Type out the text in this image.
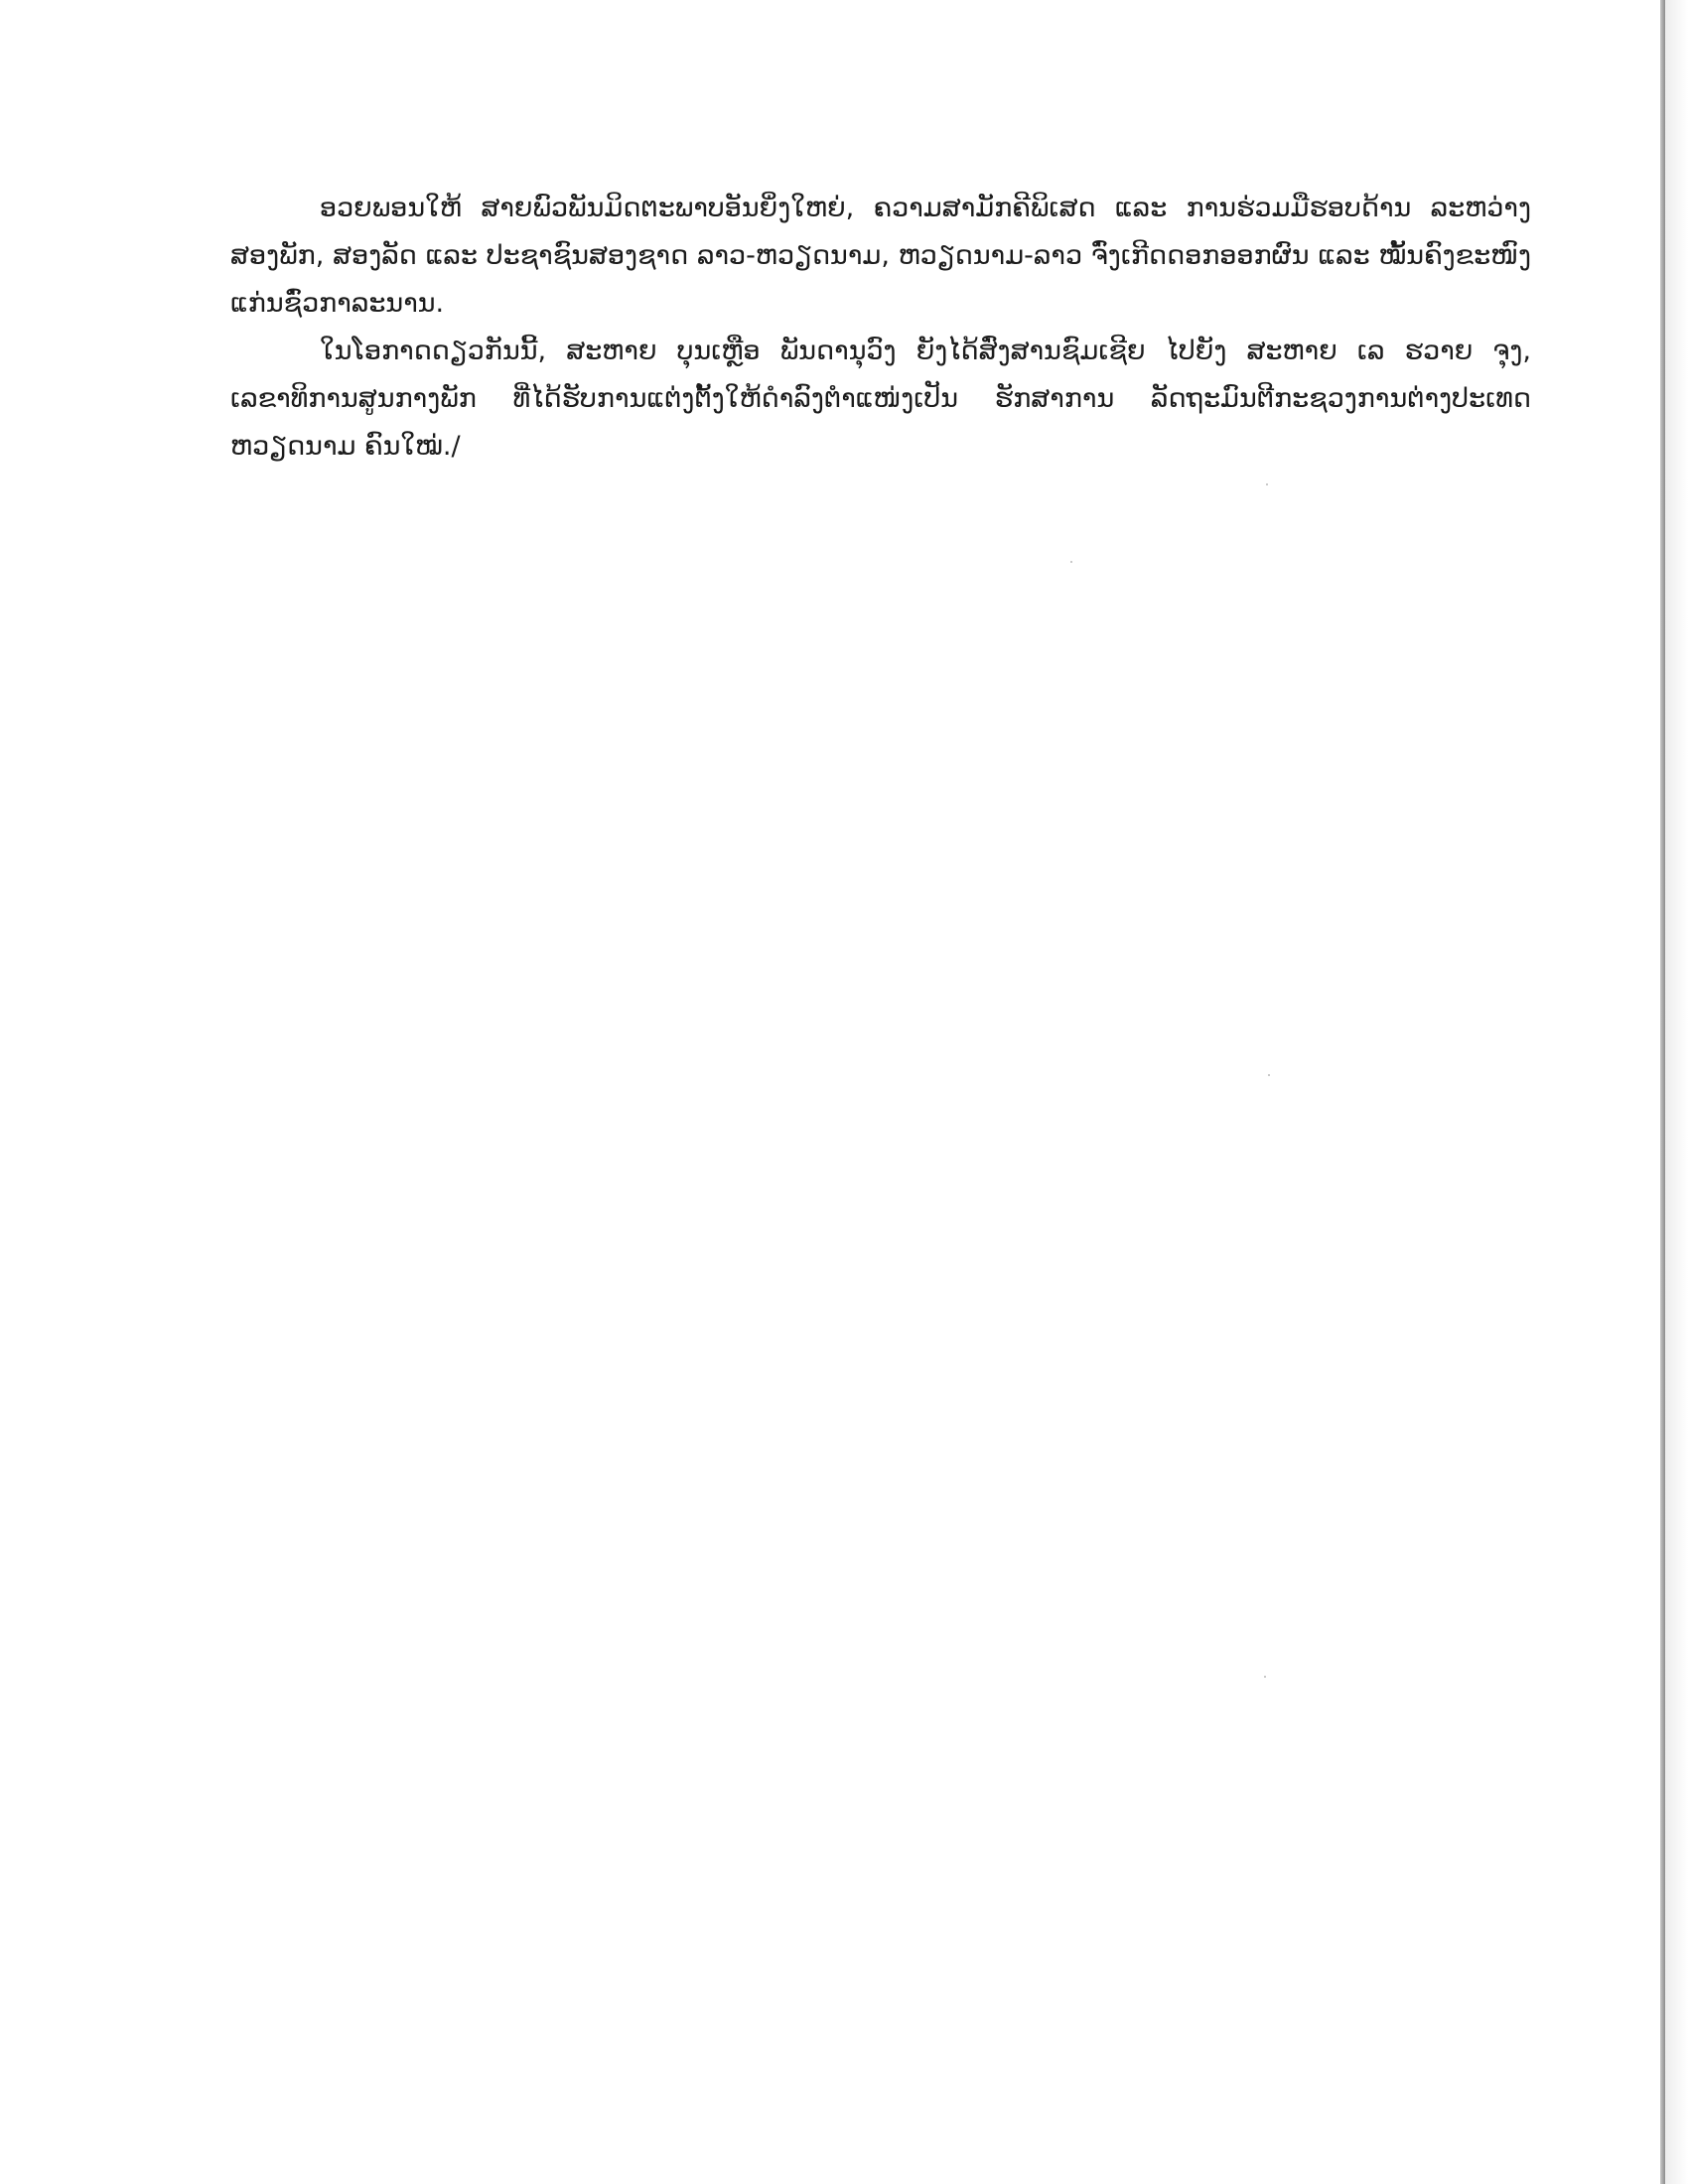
ອວຍພອນໃຫ້ ສາຍພົວພັນມິດຕະພາບອັນຍິ່ງໃຫຍ່, ຄວາມສາມັກຄີພິເສດ ແລະ ການຮ່ວມມືຮອບດ້ານ ລະຫວ່າງ ສອງພັກ, ສອງລັດ ແລະ ປະຊາຊົນສອງຊາດ ລາວ-ຫວຽດນາມ, ຫວຽດນາມ-ລາວ ຈົ່ງເກີດດອກອອກຜົນ ແລະ ໝັ້ນຄົງຂະໜົງແກ່ນຊົ່ວກາລະນານ.

ໃນໂອກາດດຽວກັນນີ້, ສະຫາຍ ບຸນເຫຼືອ ພັນດານຸວົງ ຍັງໄດ້ສົ່ງສານຊົມເຊີຍ ໄປຍັງ ສະຫາຍ ເລ ຮວາຍ ຈຸງ, ເລຂາທິການສູນກາງພັກ ທີ່ໄດ້ຮັບການແຕ່ງຕັ້ງໃຫ້ດຳລົງຕຳແໜ່ງເປັນ ຮັກສາການ ລັດຖະມົນຕີກະຊວງການຕ່າງປະເທດ ຫວຽດນາມ ຄົນໃໝ່./
